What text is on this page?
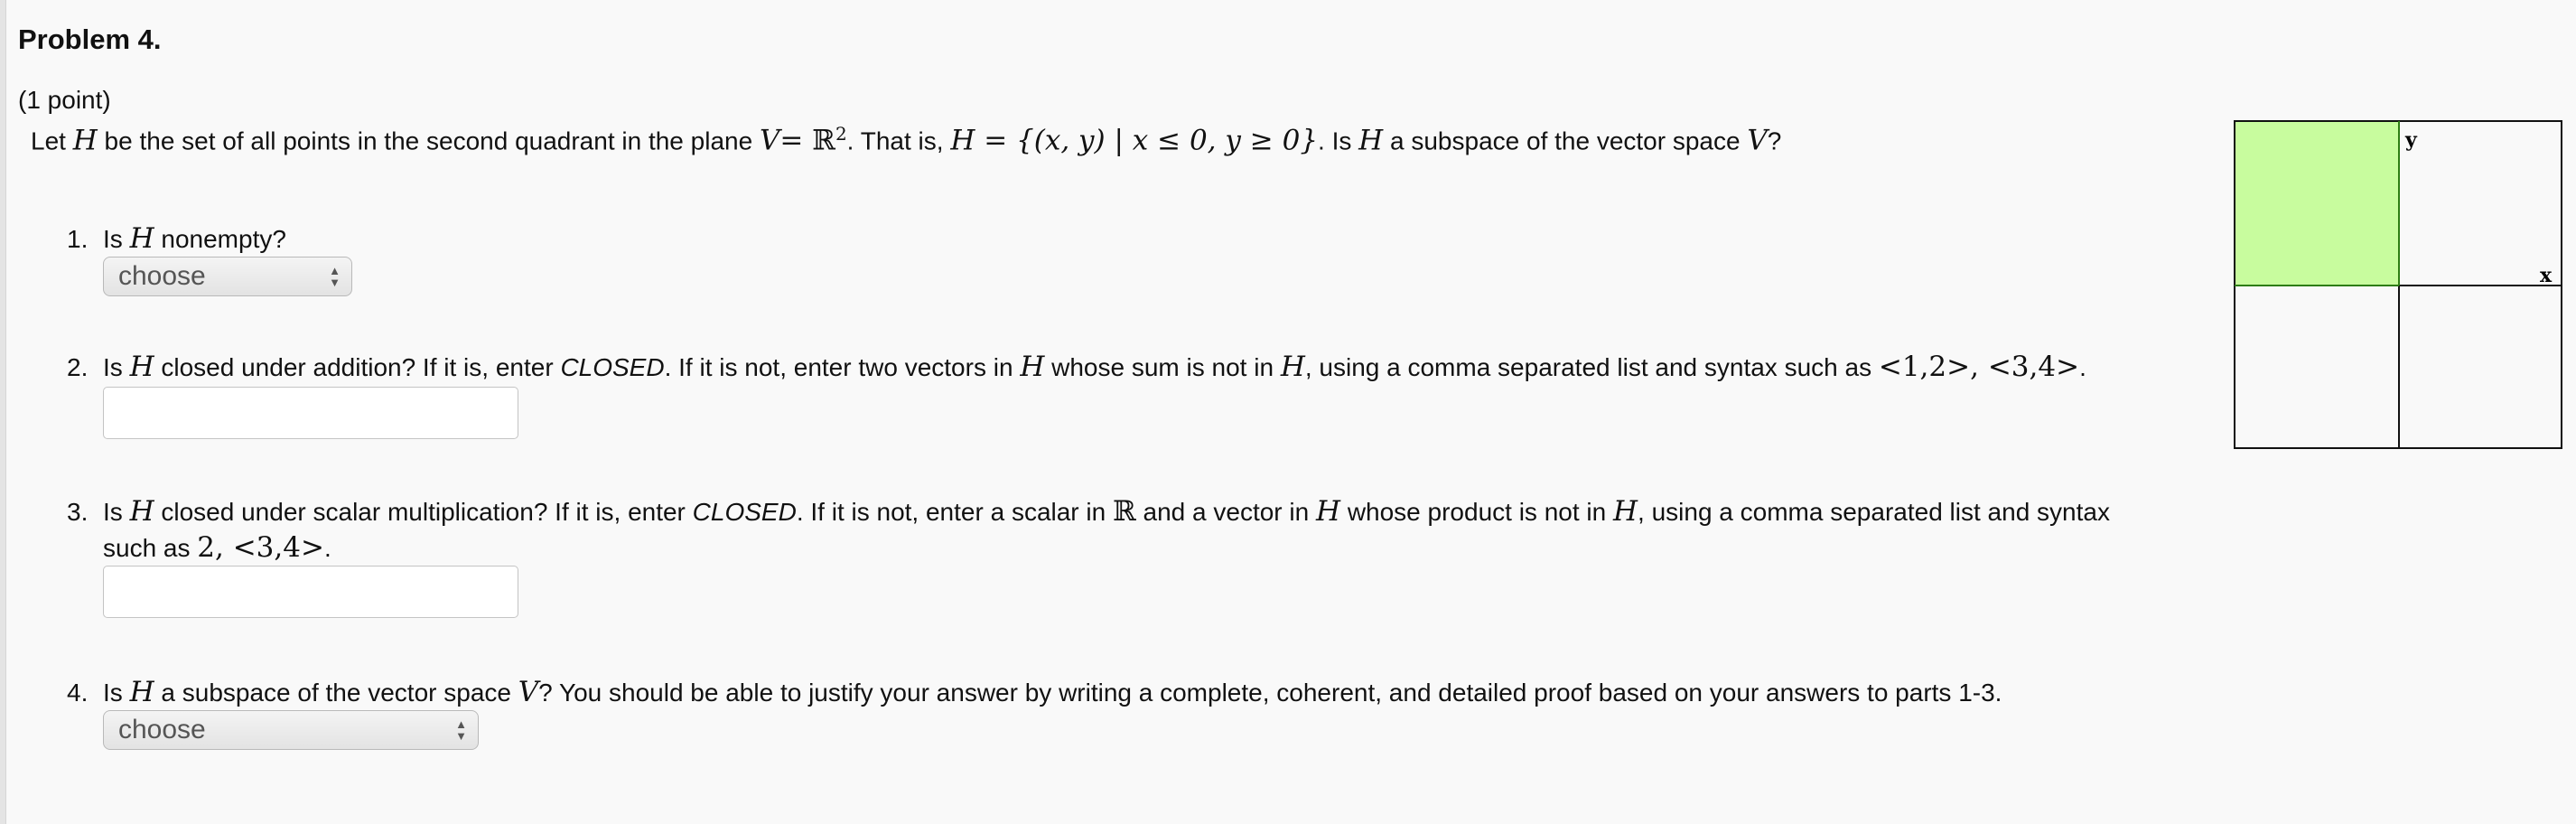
Problem 4.
(1 point)
Let H be the set of all points in the second quadrant in the plane V= ℝ$^2$. That is, H = {(x, y) | x ≤ 0, y ≥ 0}. Is H a subspace of the vector space V?
1. Is H nonempty?
choose	▲
▼
2. Is H closed under addition? If it is, enter CLOSED. If it is not, enter two vectors in H whose sum is not in H, using a comma separated list and syntax such as <1,2>, <3,4>.
3. Is H closed under scalar multiplication? If it is, enter CLOSED. If it is not, enter a scalar in ℝ and a vector in H whose product is not in H, using a comma separated list and syntax
such as 2, <3,4>.
4. Is H a subspace of the vector space V? You should be able to justify your answer by writing a complete, coherent, and detailed proof based on your answers to parts 1-3.
choose	▲
▼
y
x
